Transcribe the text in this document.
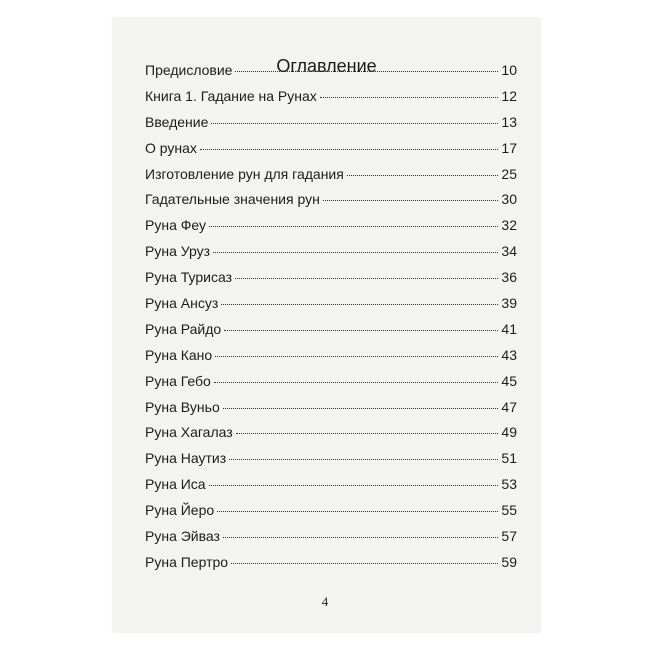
Оглавление
Предисловие	10
Книга 1. Гадание на Рунах	12
Введение	13
О рунах	17
Изготовление рун для гадания	25
Гадательные значения рун	30
Руна Феу	32
Руна Уруз	34
Руна Турисаз	36
Руна Ансуз	39
Руна Райдо	41
Руна Кано	43
Руна Гебо	45
Руна Вуньо	47
Руна Хагалаз	49
Руна Наутиз	51
Руна Иса	53
Руна Йеро	55
Руна Эйваз	57
Руна Пертро	59
4
